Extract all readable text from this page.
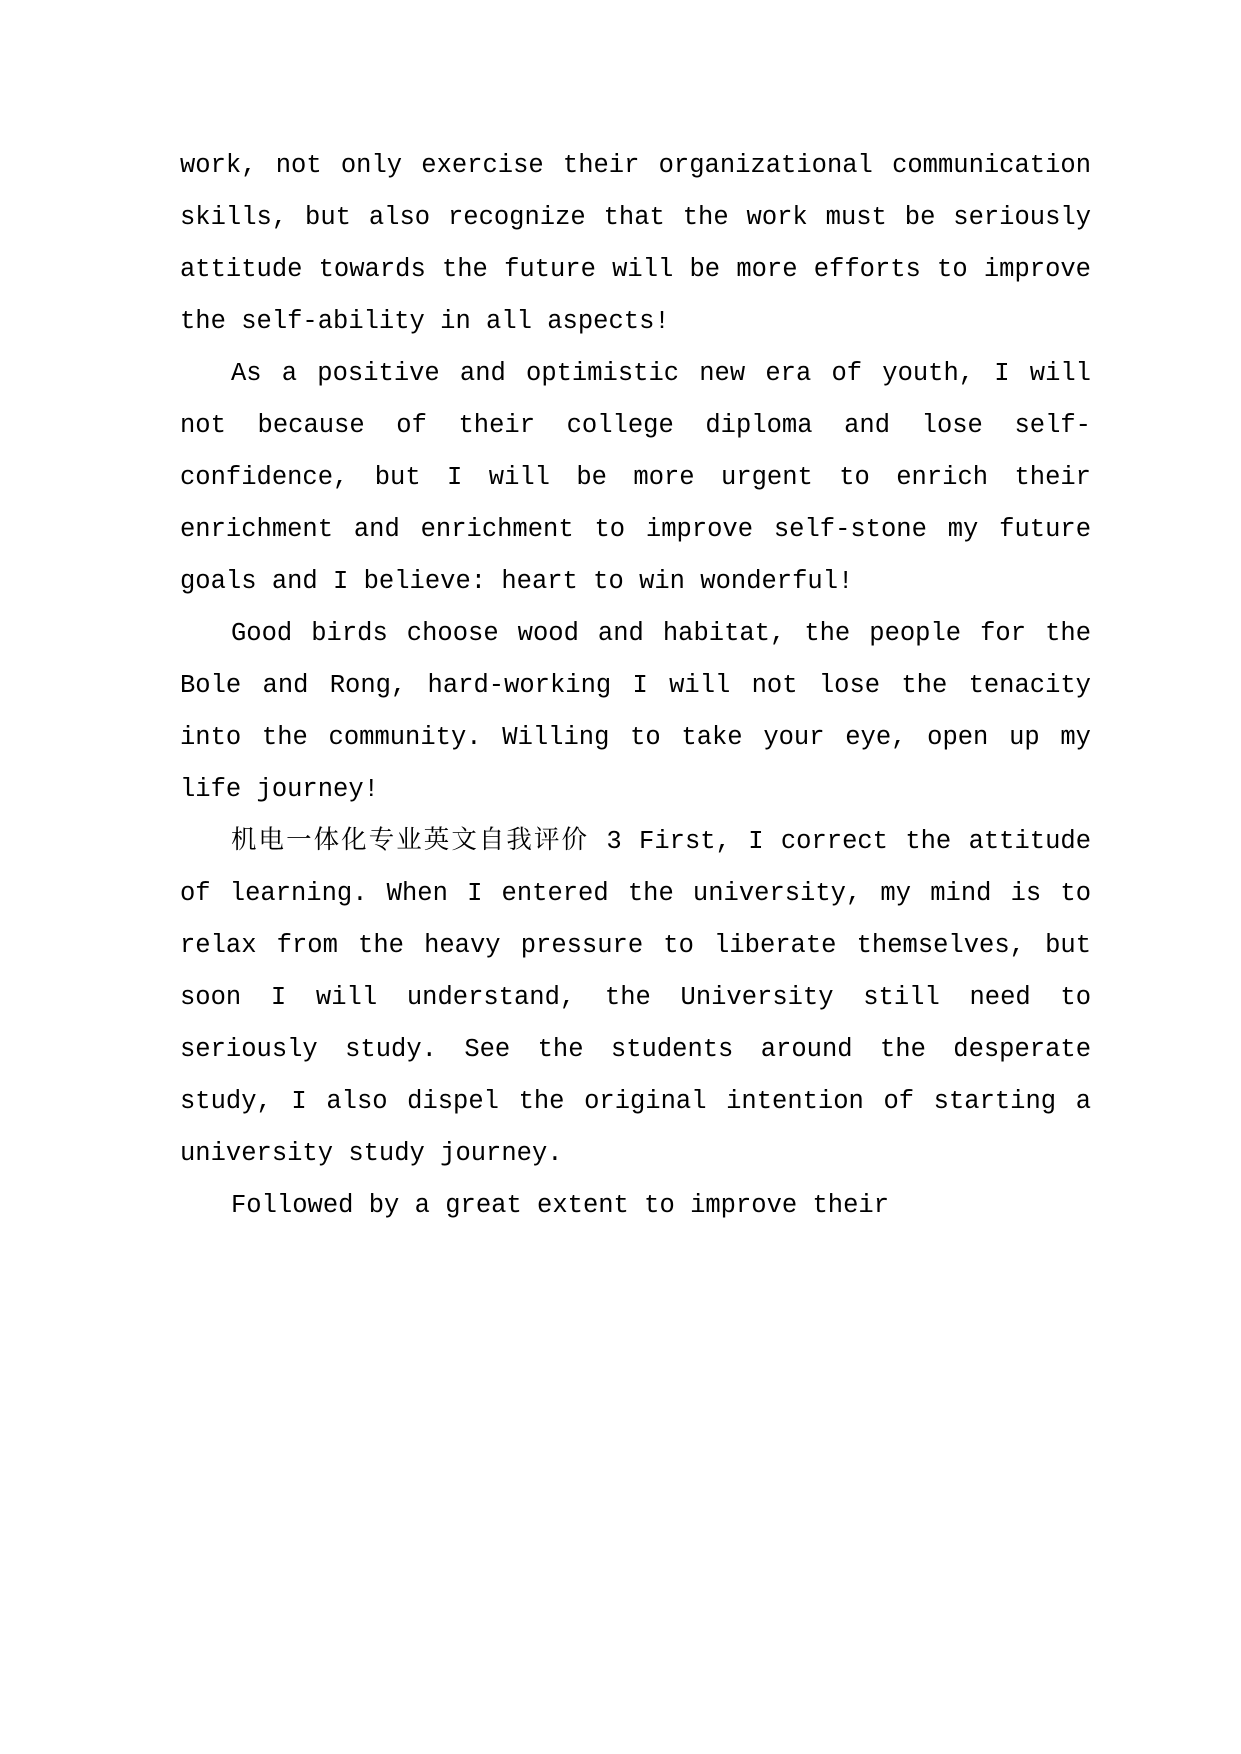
work, not only exercise their organizational communication skills, but also recognize that the work must be seriously attitude towards the future will be more efforts to improve the self-ability in all aspects!

As a positive and optimistic new era of youth, I will not because of their college diploma and lose self-confidence, but I will be more urgent to enrich their enrichment and enrichment to improve self-stone my future goals and I believe: heart to win wonderful!

Good birds choose wood and habitat, the people for the Bole and Rong, hard-working I will not lose the tenacity into the community. Willing to take your eye, open up my life journey!

机电一体化专业英文自我评价 3 First, I correct the attitude of learning. When I entered the university, my mind is to relax from the heavy pressure to liberate themselves, but soon I will understand, the University still need to seriously study. See the students around the desperate study, I also dispel the original intention of starting a university study journey.

Followed by a great extent to improve their
